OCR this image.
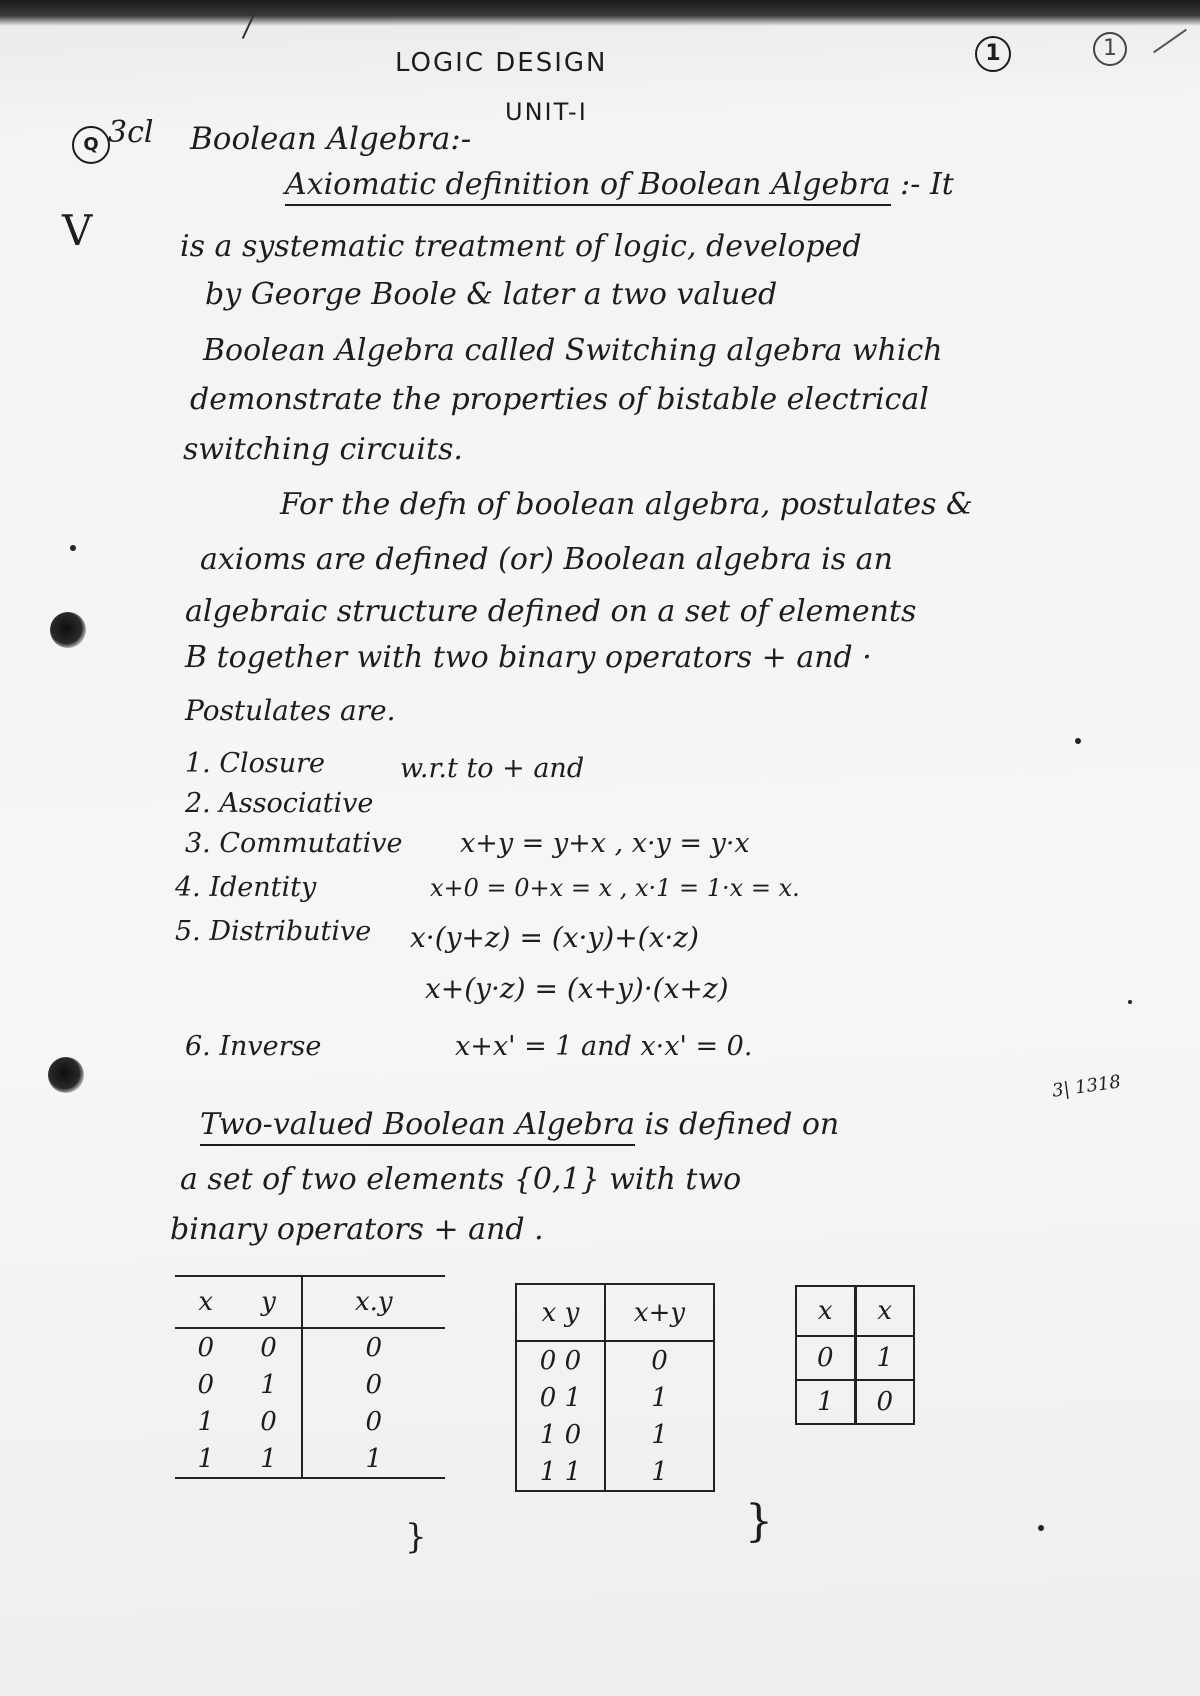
LOGIC DESIGN
UNIT-I
1	1
Q 3cl
V
3| 1318
Boolean Algebra:-
Axiomatic definition of Boolean Algebra :- It
is a systematic treatment of logic, developed
by George Boole & later a two valued
Boolean Algebra called Switching algebra which
demonstrate the properties of bistable electrical
switching circuits.
For the defn of boolean algebra, postulates &
axioms are defined (or) Boolean algebra is an
algebraic structure defined on a set of elements
B together with two binary operators + and ·
Postulates are.
1. Closure	w.r.t to + and
2. Associative
3. Commutative x+y = y+x , x·y = y·x
4. Identity	x+0 = 0+x = x , x·1 = 1·x = x.
5. Distributive x·(y+z) = (x·y)+(x·z)
x+(y·z) = (x+y)·(x+z)
6. Inverse	x+x' = 1 and x·x' = 0.
Two-valued Boolean Algebra is defined on
a set of two elements {0,1} with two
binary operators + and .
x	y	x.y
0	0	0
0	1	0
1	0	0
1	1	1
x y	x+y
0 0	0
0 1	1
1 0	1
1 1	1
x	x
0	1
1	0
}	}
